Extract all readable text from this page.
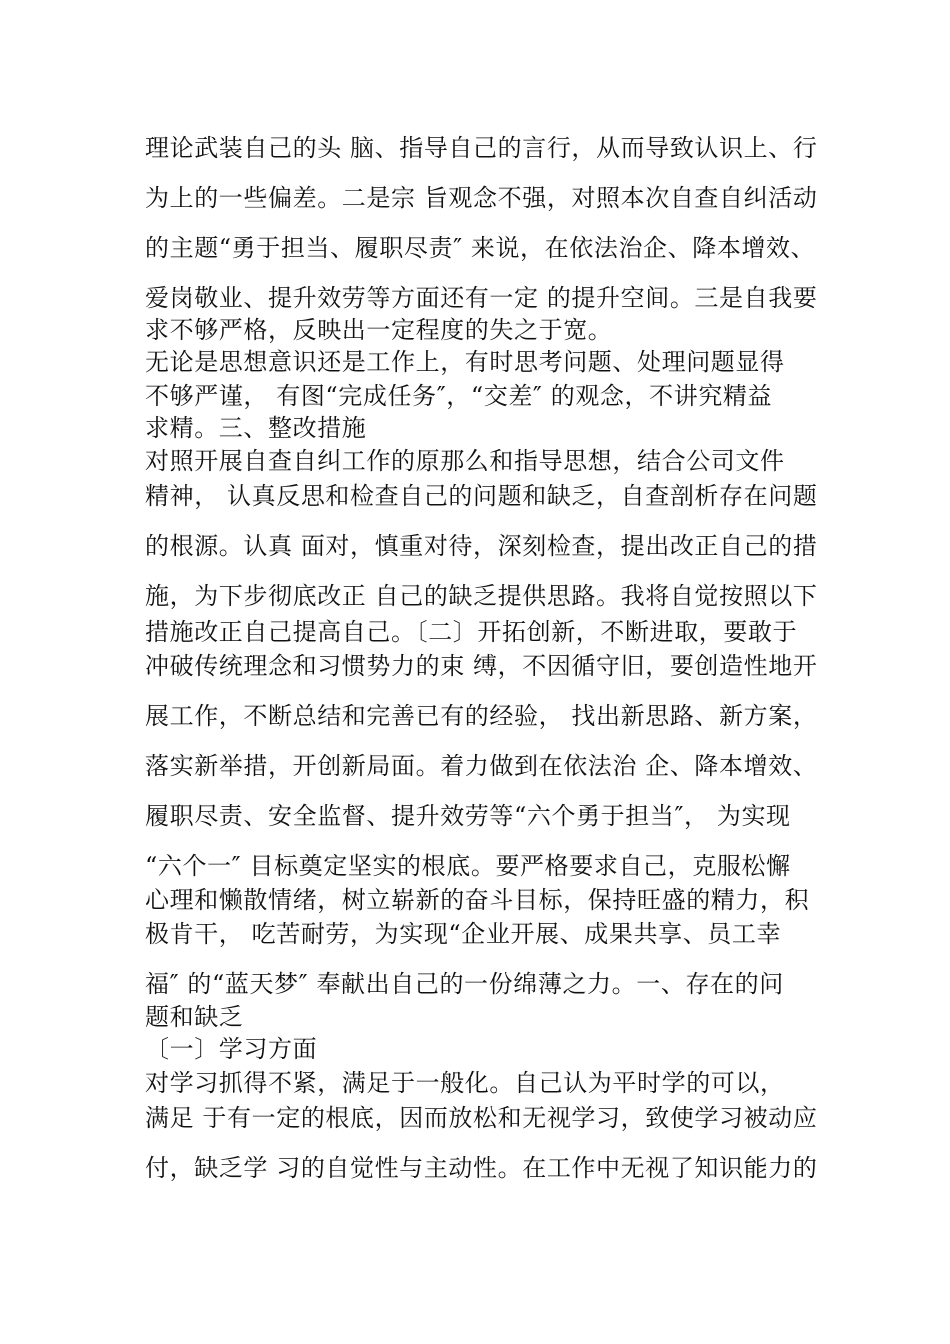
理论武装自己的头 脑、指导自己的言行，从而导致认识上、行
为上的一些偏差。二是宗 旨观念不强，对照本次自查自纠活动
的主题“勇于担当、履职尽责″ 来说，在依法治企、降本增效、
爱岗敬业、提升效劳等方面还有一定 的提升空间。三是自我要
求不够严格，反映出一定程度的失之于宽。
无论是思想意识还是工作上，有时思考问题、处理问题显得
不够严谨， 有图“完成任务″，“交差″ 的观念，不讲究精益
求精。三、整改措施
对照开展自查自纠工作的原那么和指导思想，结合公司文件
精神， 认真反思和检查自己的问题和缺乏，自查剖析存在问题
的根源。认真 面对，慎重对待，深刻检查，提出改正自己的措
施，为下步彻底改正 自己的缺乏提供思路。我将自觉按照以下
措施改正自己提高自己。〔二〕开拓创新，不断进取，要敢于
冲破传统理念和习惯势力的束 缚，不因循守旧，要创造性地开
展工作，不断总结和完善已有的经验， 找出新思路、新方案，
落实新举措，开创新局面。着力做到在依法治 企、降本增效、
履职尽责、安全监督、提升效劳等“六个勇于担当″， 为实现
“六个一″ 目标奠定坚实的根底。要严格要求自己，克服松懈
心理和懒散情绪，树立崭新的奋斗目标，保持旺盛的精力，积
极肯干， 吃苦耐劳，为实现“企业开展、成果共享、员工幸
福″ 的“蓝天梦″ 奉献出自己的一份绵薄之力。一、存在的问
题和缺乏
〔一〕学习方面
对学习抓得不紧，满足于一般化。自己认为平时学的可以，
满足 于有一定的根底，因而放松和无视学习，致使学习被动应
付，缺乏学 习的自觉性与主动性。在工作中无视了知识能力的
